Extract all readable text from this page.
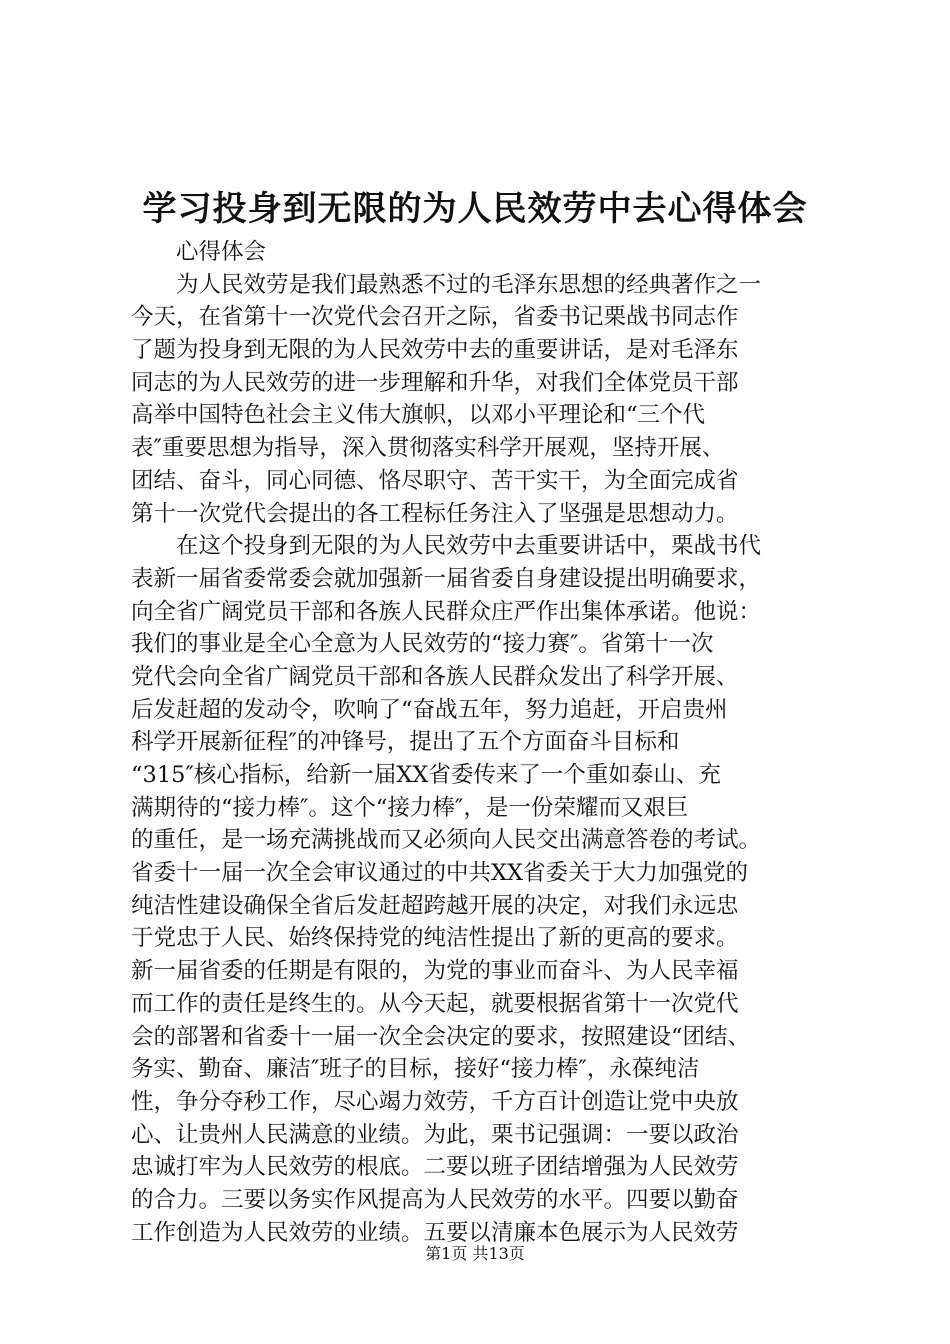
学习投身到无限的为人民效劳中去心得体会
心得体会
为人民效劳是我们最熟悉不过的毛泽东思想的经典著作之一
今天，在省第十一次党代会召开之际，省委书记栗战书同志作
了题为投身到无限的为人民效劳中去的重要讲话，是对毛泽东
同志的为人民效劳的进一步理解和升华，对我们全体党员干部
高举中国特色社会主义伟大旗帜，以邓小平理论和“三个代
表″重要思想为指导，深入贯彻落实科学开展观，坚持开展、
团结、奋斗，同心同德、恪尽职守、苦干实干，为全面完成省
第十一次党代会提出的各工程标任务注入了坚强是思想动力。
在这个投身到无限的为人民效劳中去重要讲话中，栗战书代
表新一届省委常委会就加强新一届省委自身建设提出明确要求，
向全省广阔党员干部和各族人民群众庄严作出集体承诺。他说：
我们的事业是全心全意为人民效劳的“接力赛″。省第十一次
党代会向全省广阔党员干部和各族人民群众发出了科学开展、
后发赶超的发动令，吹响了“奋战五年，努力追赶，开启贵州
科学开展新征程″的冲锋号，提出了五个方面奋斗目标和
“315″核心指标，给新一届XX省委传来了一个重如泰山、充
满期待的“接力棒″。这个“接力棒″，是一份荣耀而又艰巨
的重任，是一场充满挑战而又必须向人民交出满意答卷的考试。
省委十一届一次全会审议通过的中共XX省委关于大力加强党的
纯洁性建设确保全省后发赶超跨越开展的决定，对我们永远忠
于党忠于人民、始终保持党的纯洁性提出了新的更高的要求。
新一届省委的任期是有限的，为党的事业而奋斗、为人民幸福
而工作的责任是终生的。从今天起，就要根据省第十一次党代
会的部署和省委十一届一次全会决定的要求，按照建设“团结、
务实、勤奋、廉洁″班子的目标，接好“接力棒″，永葆纯洁
性，争分夺秒工作，尽心竭力效劳，千方百计创造让党中央放
心、让贵州人民满意的业绩。为此，栗书记强调：一要以政治
忠诚打牢为人民效劳的根底。二要以班子团结增强为人民效劳
的合力。三要以务实作风提高为人民效劳的水平。四要以勤奋
工作创造为人民效劳的业绩。五要以清廉本色展示为人民效劳
第1页 共13页
